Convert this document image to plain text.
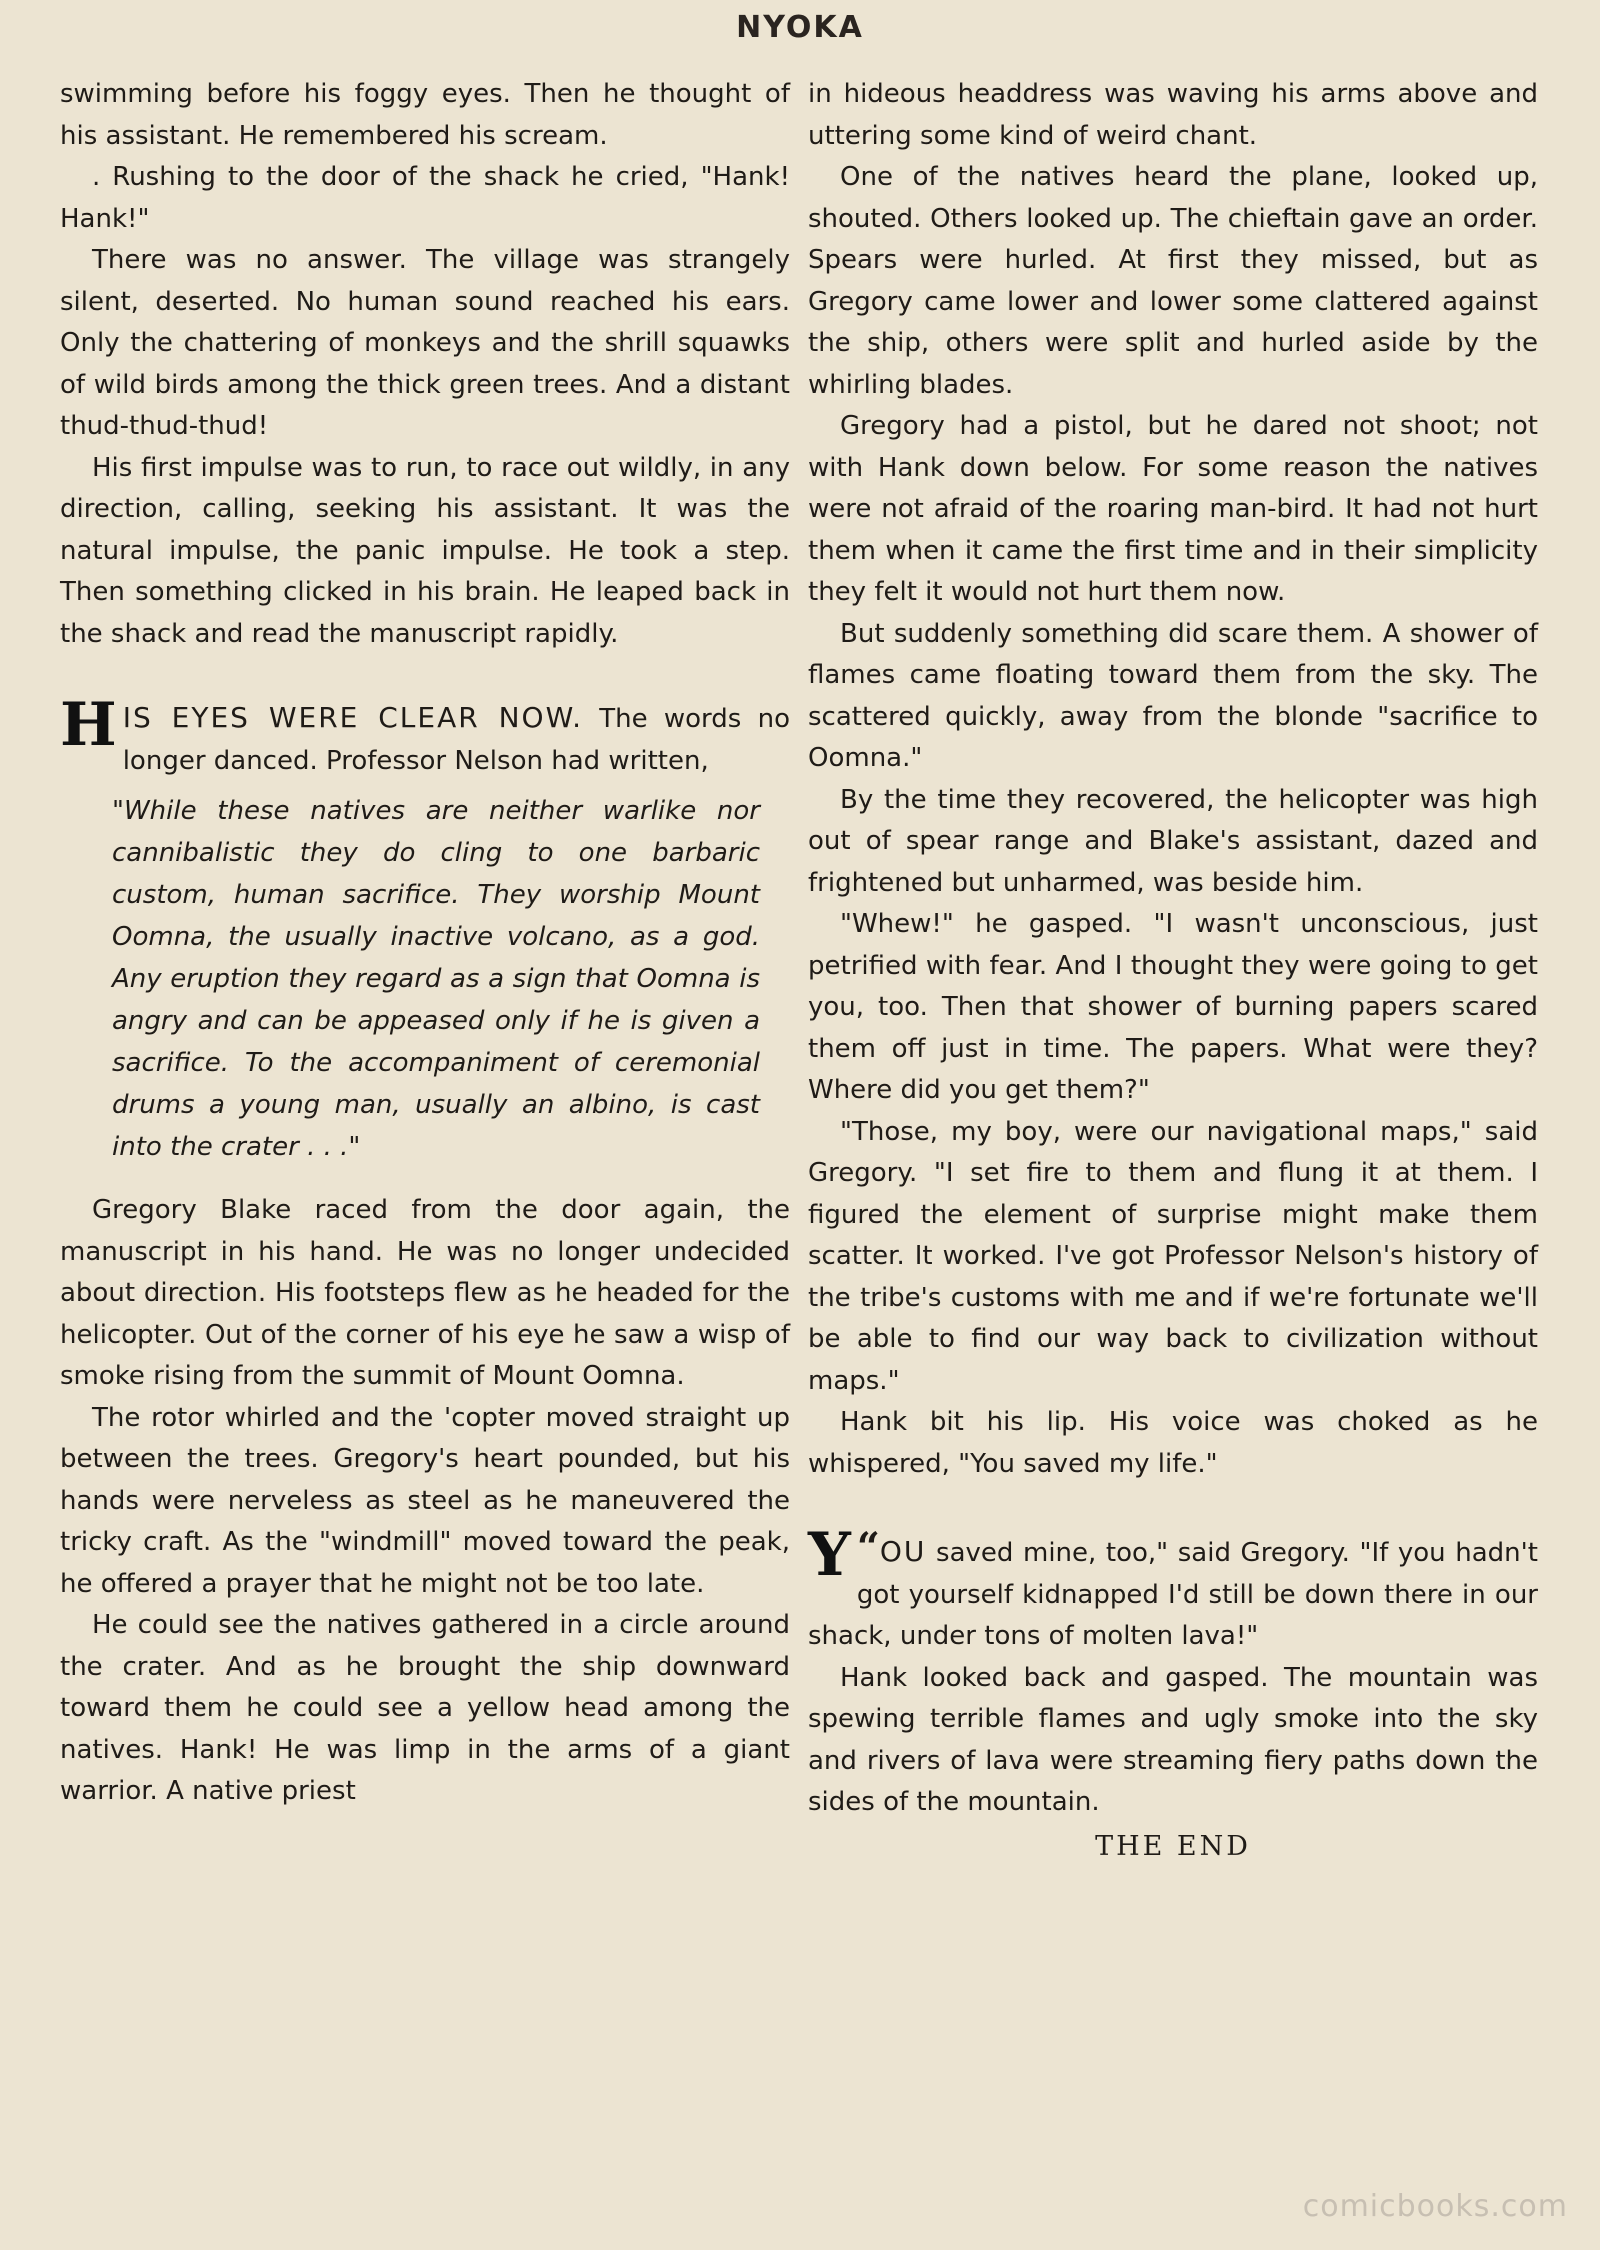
NYOKA

swimming before his foggy eyes. Then he thought of his assistant. He remembered his scream.

. Rushing to the door of the shack he cried, "Hank! Hank!"

There was no answer. The village was strangely silent, deserted. No human sound reached his ears. Only the chattering of monkeys and the shrill squawks of wild birds among the thick green trees. And a distant thud-thud-thud!

His first impulse was to run, to race out wildly, in any direction, calling, seeking his assistant. It was the natural impulse, the panic impulse. He took a step. Then something clicked in his brain. He leaped back in the shack and read the manuscript rapidly.

HIS EYES WERE CLEAR NOW. The words no longer danced. Professor Nelson had written,

"While these natives are neither warlike nor cannibalistic they do cling to one barbaric custom, human sacrifice. They worship Mount Oomna, the usually inactive volcano, as a god. Any eruption they regard as a sign that Oomna is angry and can be appeased only if he is given a sacrifice. To the accompaniment of ceremonial drums a young man, usually an albino, is cast into the crater . . ."

Gregory Blake raced from the door again, the manuscript in his hand. He was no longer undecided about direction. His footsteps flew as he headed for the helicopter. Out of the corner of his eye he saw a wisp of smoke rising from the summit of Mount Oomna.

The rotor whirled and the 'copter moved straight up between the trees. Gregory's heart pounded, but his hands were nerveless as steel as he maneuvered the tricky craft. As the "windmill" moved toward the peak, he offered a prayer that he might not be too late.

He could see the natives gathered in a circle around the crater. And as he brought the ship downward toward them he could see a yellow head among the natives. Hank! He was limp in the arms of a giant warrior. A native priest

in hideous headdress was waving his arms above and uttering some kind of weird chant.

One of the natives heard the plane, looked up, shouted. Others looked up. The chieftain gave an order. Spears were hurled. At first they missed, but as Gregory came lower and lower some clattered against the ship, others were split and hurled aside by the whirling blades.

Gregory had a pistol, but he dared not shoot; not with Hank down below. For some reason the natives were not afraid of the roaring man-bird. It had not hurt them when it came the first time and in their simplicity they felt it would not hurt them now.

But suddenly something did scare them. A shower of flames came floating toward them from the sky. The scattered quickly, away from the blonde "sacrifice to Oomna."

By the time they recovered, the helicopter was high out of spear range and Blake's assistant, dazed and frightened but unharmed, was beside him.

"Whew!" he gasped. "I wasn't unconscious, just petrified with fear. And I thought they were going to get you, too. Then that shower of burning papers scared them off just in time. The papers. What were they? Where did you get them?"

"Those, my boy, were our navigational maps," said Gregory. "I set fire to them and flung it at them. I figured the element of surprise might make them scatter. It worked. I've got Professor Nelson's history of the tribe's customs with me and if we're fortunate we'll be able to find our way back to civilization without maps."

Hank bit his lip. His voice was choked as he whispered, "You saved my life."

“
Y OU saved mine, too," said Gregory. "If you hadn't got yourself kidnapped I'd still be down there in our shack, under tons of molten lava!"

Hank looked back and gasped. The mountain was spewing terrible flames and ugly smoke into the sky and rivers of lava were streaming fiery paths down the sides of the mountain.

THE END

comicbooks.com
